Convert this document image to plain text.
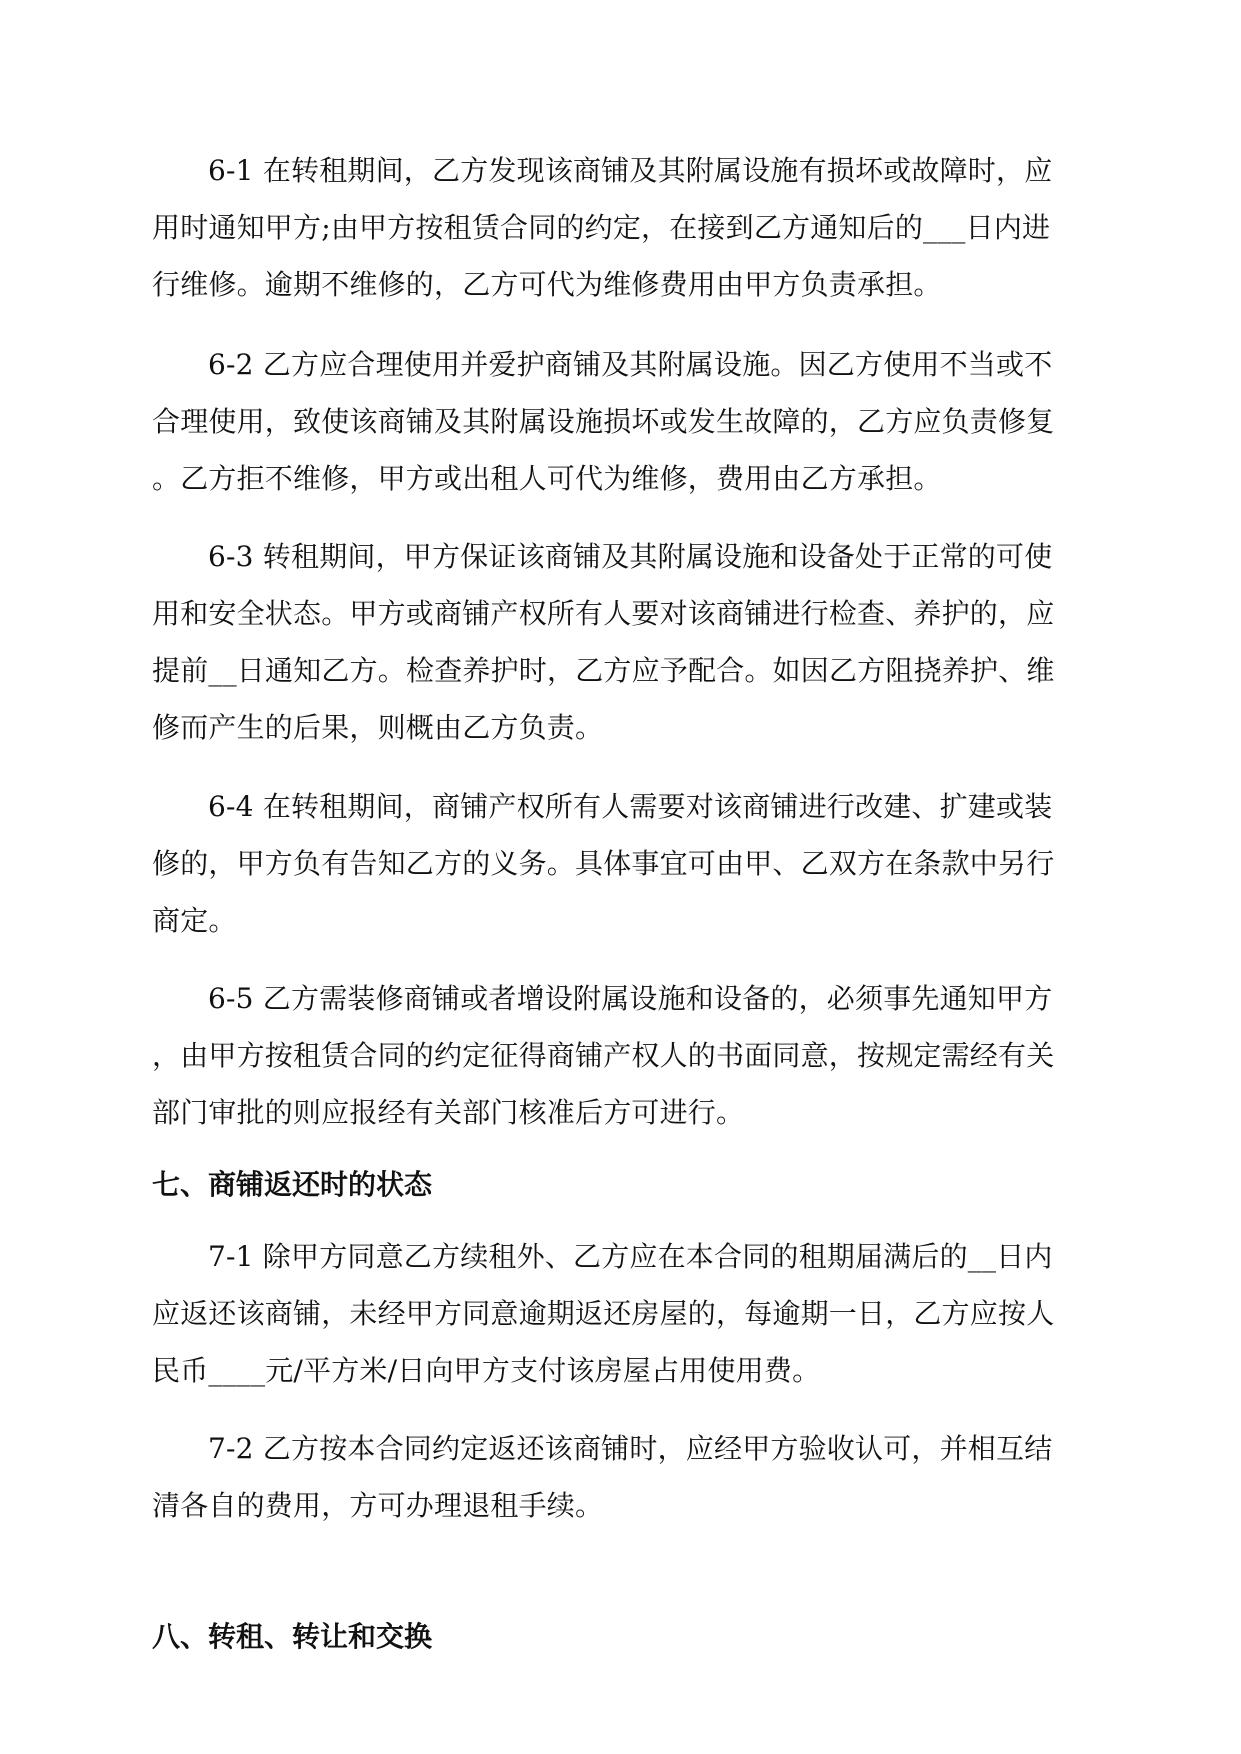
6-1 在转租期间，乙方发现该商铺及其附属设施有损坏或故障时，应
用时通知甲方;由甲方按租赁合同的约定，在接到乙方通知后的___日内进
行维修。逾期不维修的，乙方可代为维修费用由甲方负责承担。
6-2 乙方应合理使用并爱护商铺及其附属设施。因乙方使用不当或不
合理使用，致使该商铺及其附属设施损坏或发生故障的，乙方应负责修复
。乙方拒不维修，甲方或出租人可代为维修，费用由乙方承担。
6-3 转租期间，甲方保证该商铺及其附属设施和设备处于正常的可使
用和安全状态。甲方或商铺产权所有人要对该商铺进行检查、养护的，应
提前__日通知乙方。检查养护时，乙方应予配合。如因乙方阻挠养护、维
修而产生的后果，则概由乙方负责。
6-4 在转租期间，商铺产权所有人需要对该商铺进行改建、扩建或装
修的，甲方负有告知乙方的义务。具体事宜可由甲、乙双方在条款中另行
商定。
6-5 乙方需装修商铺或者增设附属设施和设备的，必须事先通知甲方
，由甲方按租赁合同的约定征得商铺产权人的书面同意，按规定需经有关
部门审批的则应报经有关部门核准后方可进行。
七、商铺返还时的状态
7-1 除甲方同意乙方续租外、乙方应在本合同的租期届满后的__日内
应返还该商铺，未经甲方同意逾期返还房屋的，每逾期一日，乙方应按人
民币____元/平方米/日向甲方支付该房屋占用使用费。
7-2 乙方按本合同约定返还该商铺时，应经甲方验收认可，并相互结
清各自的费用，方可办理退租手续。
八、转租、转让和交换
